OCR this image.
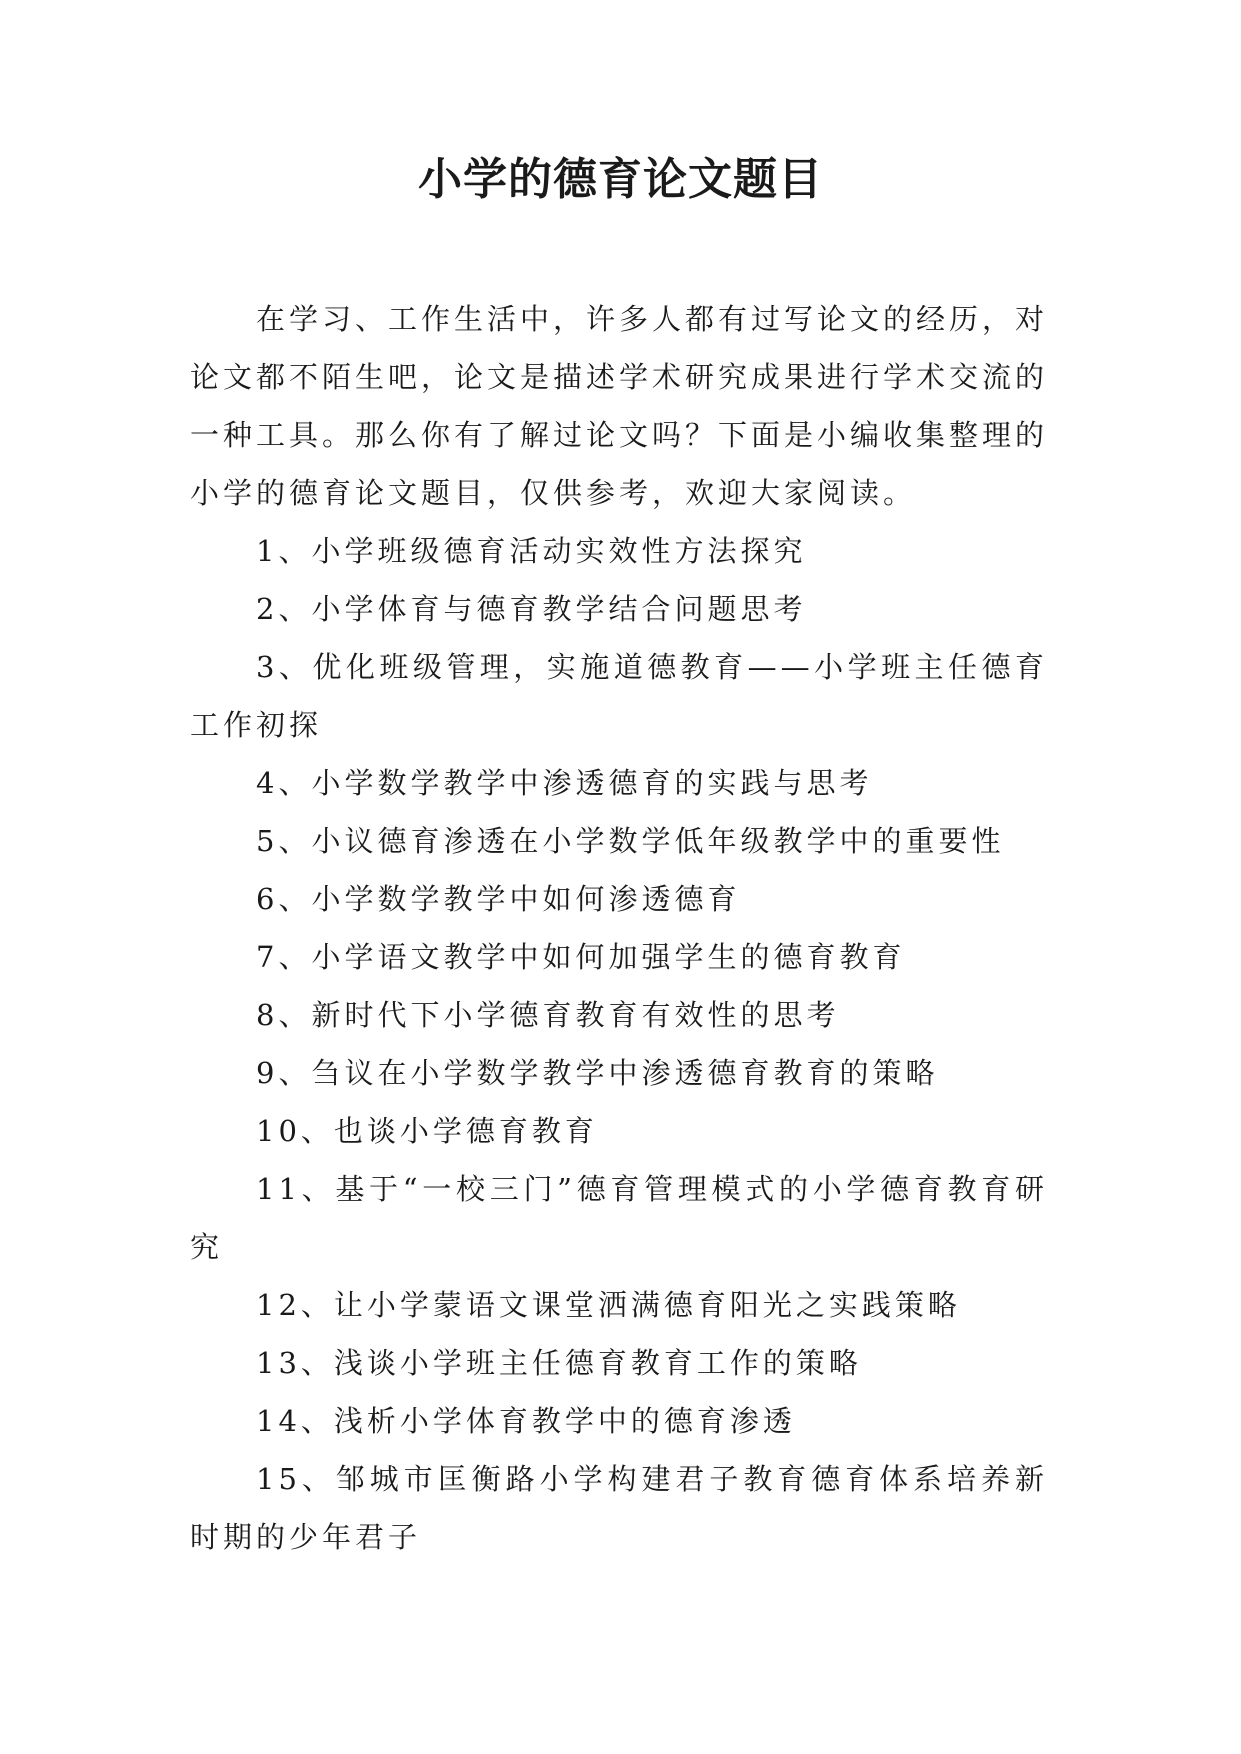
小学的德育论文题目

在学习、工作生活中，许多人都有过写论文的经历，对论文都不陌生吧，论文是描述学术研究成果进行学术交流的一种工具。那么你有了解过论文吗？下面是小编收集整理的小学的德育论文题目，仅供参考，欢迎大家阅读。

1、小学班级德育活动实效性方法探究

2、小学体育与德育教学结合问题思考

3、优化班级管理，实施道德教育——小学班主任德育工作初探

4、小学数学教学中渗透德育的实践与思考

5、小议德育渗透在小学数学低年级教学中的重要性

6、小学数学教学中如何渗透德育

7、小学语文教学中如何加强学生的德育教育

8、新时代下小学德育教育有效性的思考

9、刍议在小学数学教学中渗透德育教育的策略

10、也谈小学德育教育

11、基于“一校三门”德育管理模式的小学德育教育研究

12、让小学蒙语文课堂洒满德育阳光之实践策略

13、浅谈小学班主任德育教育工作的策略

14、浅析小学体育教学中的德育渗透

15、邹城市匡衡路小学构建君子教育德育体系培养新时期的少年君子
